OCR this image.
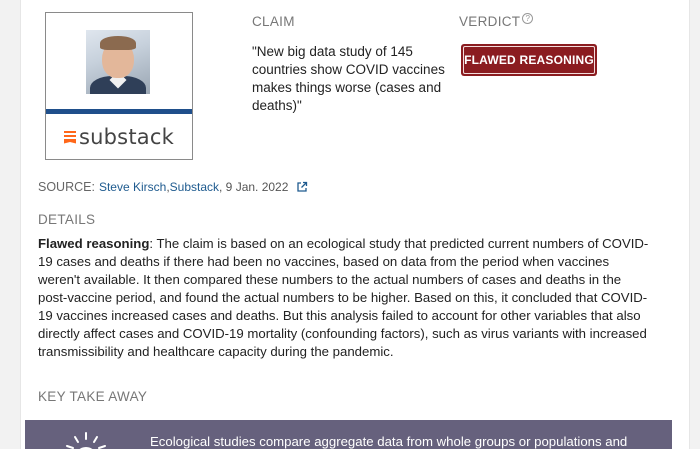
substack
CLAIM
"New big data study of 145 countries show COVID vaccines makes things worse (cases and deaths)"
VERDICT ?
FLAWED REASONING
SOURCE: Steve Kirsch , Substack , 9 Jan. 2022
DETAILS
Flawed reasoning: The claim is based on an ecological study that predicted current numbers of COVID-19 cases and deaths if there had been no vaccines, based on data from the period when vaccines weren't available. It then compared these numbers to the actual numbers of cases and deaths in the post-vaccine period, and found the actual numbers to be higher. Based on this, it concluded that COVID-19 vaccines increased cases and deaths. But this analysis failed to account for other variables that also directly affect cases and COVID-19 mortality (confounding factors), such as virus variants with increased transmissibility and healthcare capacity during the pandemic.
KEY TAKE AWAY
Ecological studies compare aggregate data from whole groups or populations and
